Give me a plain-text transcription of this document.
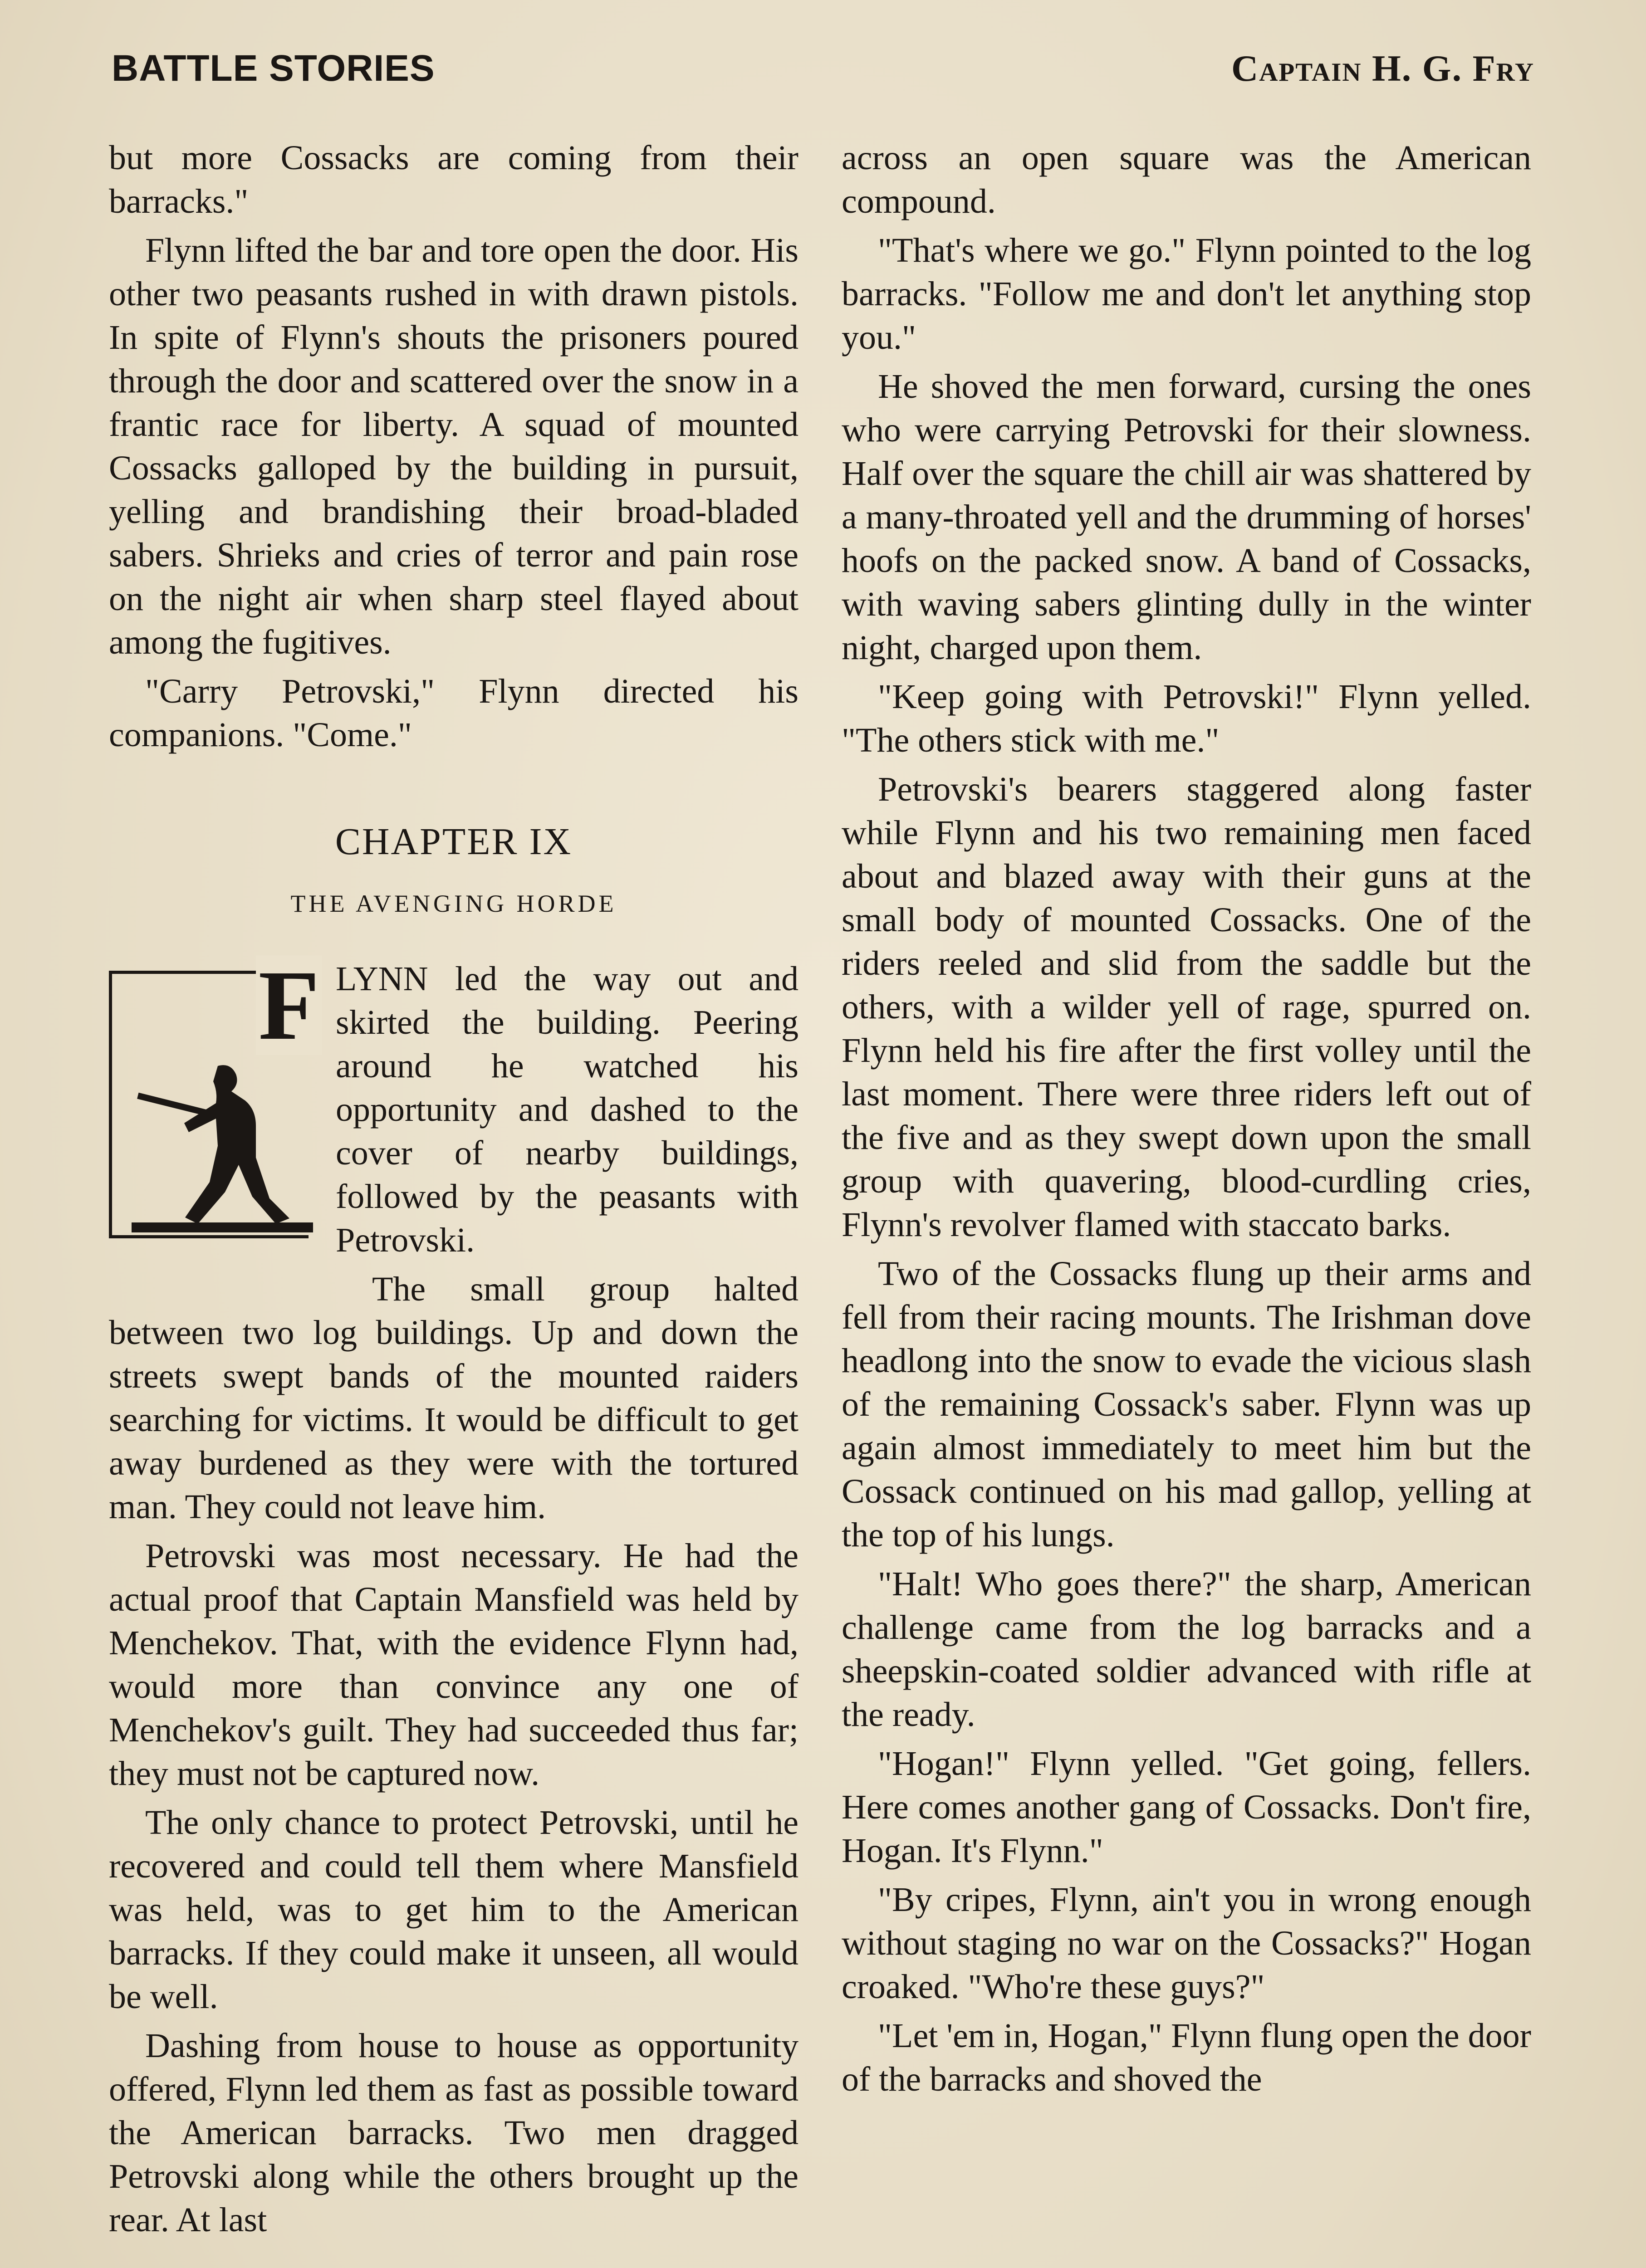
BATTLE STORIES	Captain H. G. Fry

but more Cossacks are coming from their barracks."

Flynn lifted the bar and tore open the door. His other two peasants rushed in with drawn pistols. In spite of Flynn's shouts the prisoners poured through the door and scattered over the snow in a frantic race for liberty. A squad of mounted Cossacks galloped by the building in pursuit, yelling and brandishing their broad-bladed sabers. Shrieks and cries of terror and pain rose on the night air when sharp steel flayed about among the fugitives.

"Carry Petrovski," Flynn directed his companions. "Come."

CHAPTER IX
THE AVENGING HORDE
F LYNN led the way out and skirted the building. Peering around he watched his opportunity and dashed to the cover of nearby buildings, followed by the peasants with Petrovski.

The small group halted between two log buildings. Up and down the streets swept bands of the mounted raiders searching for victims. It would be difficult to get away burdened as they were with the tortured man. They could not leave him.

Petrovski was most necessary. He had the actual proof that Captain Mansfield was held by Menchekov. That, with the evidence Flynn had, would more than convince any one of Menchekov's guilt. They had succeeded thus far; they must not be captured now.

The only chance to protect Petrovski, until he recovered and could tell them where Mansfield was held, was to get him to the American barracks. If they could make it unseen, all would be well.

Dashing from house to house as opportunity offered, Flynn led them as fast as possible toward the American barracks. Two men dragged Petrovski along while the others brought up the rear. At last

across an open square was the American compound.

"That's where we go." Flynn pointed to the log barracks. "Follow me and don't let anything stop you."

He shoved the men forward, cursing the ones who were carrying Petrovski for their slowness. Half over the square the chill air was shattered by a many-throated yell and the drumming of horses' hoofs on the packed snow. A band of Cossacks, with waving sabers glinting dully in the winter night, charged upon them.

"Keep going with Petrovski!" Flynn yelled. "The others stick with me."

Petrovski's bearers staggered along faster while Flynn and his two remaining men faced about and blazed away with their guns at the small body of mounted Cossacks. One of the riders reeled and slid from the saddle but the others, with a wilder yell of rage, spurred on. Flynn held his fire after the first volley until the last moment. There were three riders left out of the five and as they swept down upon the small group with quavering, blood-curdling cries, Flynn's revolver flamed with staccato barks.

Two of the Cossacks flung up their arms and fell from their racing mounts. The Irishman dove headlong into the snow to evade the vicious slash of the remaining Cossack's saber. Flynn was up again almost immediately to meet him but the Cossack continued on his mad gallop, yelling at the top of his lungs.

"Halt! Who goes there?" the sharp, American challenge came from the log barracks and a sheepskin-coated soldier advanced with rifle at the ready.

"Hogan!" Flynn yelled. "Get going, fellers. Here comes another gang of Cossacks. Don't fire, Hogan. It's Flynn."

"By cripes, Flynn, ain't you in wrong enough without staging no war on the Cossacks?" Hogan croaked. "Who're these guys?"

"Let 'em in, Hogan," Flynn flung open the door of the barracks and shoved the
